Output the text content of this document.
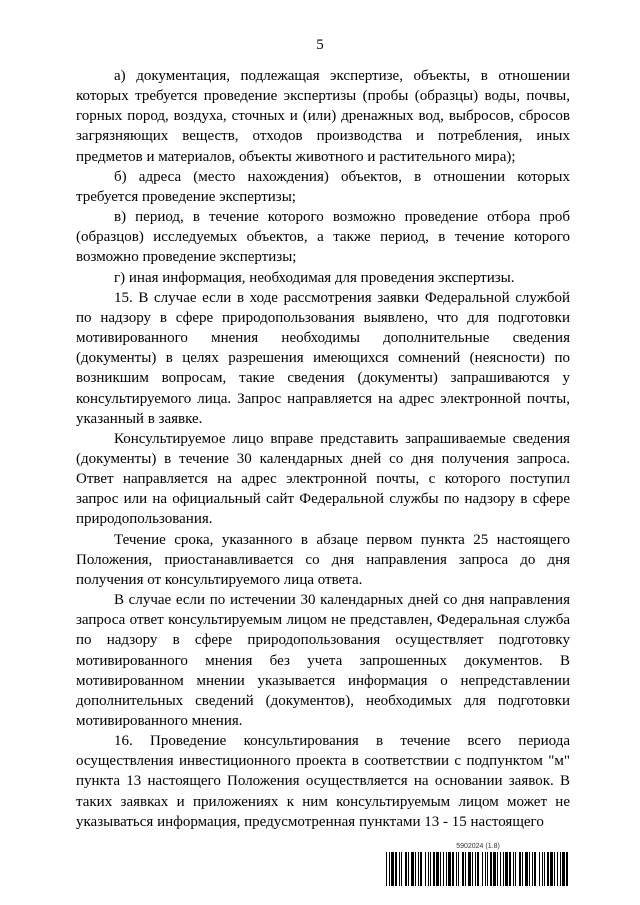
5

а) документация, подлежащая экспертизе, объекты, в отношении которых требуется проведение экспертизы (пробы (образцы) воды, почвы, горных пород, воздуха, сточных и (или) дренажных вод, выбросов, сбросов загрязняющих веществ, отходов производства и потребления, иных предметов и материалов, объекты животного и растительного мира);

б) адреса (место нахождения) объектов, в отношении которых требуется проведение экспертизы;

в) период, в течение которого возможно проведение отбора проб (образцов) исследуемых объектов, а также период, в течение которого возможно проведение экспертизы;

г) иная информация, необходимая для проведения экспертизы.

15. В случае если в ходе рассмотрения заявки Федеральной службой по надзору в сфере природопользования выявлено, что для подготовки мотивированного мнения необходимы дополнительные сведения (документы) в целях разрешения имеющихся сомнений (неясности) по возникшим вопросам, такие сведения (документы) запрашиваются у консультируемого лица. Запрос направляется на адрес электронной почты, указанный в заявке.

Консультируемое лицо вправе представить запрашиваемые сведения (документы) в течение 30 календарных дней со дня получения запроса. Ответ направляется на адрес электронной почты, с которого поступил запрос или на официальный сайт Федеральной службы по надзору в сфере природопользования.

Течение срока, указанного в абзаце первом пункта 25 настоящего Положения, приостанавливается со дня направления запроса до дня получения от консультируемого лица ответа.

В случае если по истечении 30 календарных дней со дня направления запроса ответ консультируемым лицом не представлен, Федеральная служба по надзору в сфере природопользования осуществляет подготовку мотивированного мнения без учета запрошенных документов. В мотивированном мнении указывается информация о непредставлении дополнительных сведений (документов), необходимых для подготовки мотивированного мнения.

16. Проведение консультирования в течение всего периода осуществления инвестиционного проекта в соответствии с подпунктом "м" пункта 13 настоящего Положения осуществляется на основании заявок. В таких заявках и приложениях к ним консультируемым лицом может не указываться информация, предусмотренная пунктами 13 - 15 настоящего

5902024 (1.8)
